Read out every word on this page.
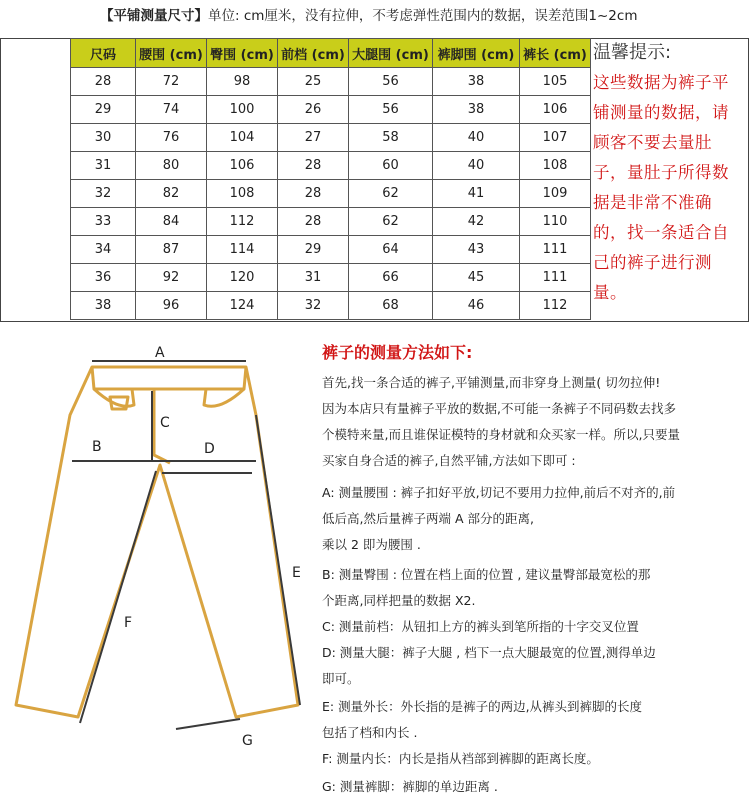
【平铺测量尺寸】单位: cm厘米，没有拉伸，不考虑弹性范围内的数据，误差范围1~2cm
尺码	腰围 (cm)	臀围 (cm)	前档 (cm)	大腿围 (cm)	裤脚围 (cm)	裤长 (cm)
28	72	98	25	56	38	105
29	74	100	26	56	38	106
30	76	104	27	58	40	107
31	80	106	28	60	40	108
32	82	108	28	62	41	109
33	84	112	28	62	42	110
34	87	114	29	64	43	111
36	92	120	31	66	45	111
38	96	124	32	68	46	112
温馨提示:
这些数据为裤子平
铺测量的数据，请
顾客不要去量肚
子，量肚子所得数
据是非常不准确
的，找一条适合自
己的裤子进行测
量。
A
B
C
D
E
F
G
裤子的测量方法如下:
首先,找一条合适的裤子,平铺测量,而非穿身上测量( 切勿拉伸!
因为本店只有量裤子平放的数据,不可能一条裤子不同码数去找多
个模特来量,而且谁保证模特的身材就和众买家一样。所以,只要量
买家自身合适的裤子,自然平铺,方法如下即可 :
A: 测量腰围 : 裤子扣好平放,切记不要用力拉伸,前后不对齐的,前
低后高,然后量裤子两端 A 部分的距离,
乘以 2 即为腰围 .
B: 测量臀围 : 位置在档上面的位置 , 建议量臀部最宽松的那
个距离,同样把量的数据 X2.
C: 测量前档：从钮扣上方的裤头到笔所指的十字交叉位置
D: 测量大腿：裤子大腿 , 档下一点大腿最宽的位置,测得单边
即可。
E: 测量外长：外长指的是裤子的两边,从裤头到裤脚的长度
包括了档和内长 .
F: 测量内长：内长是指从裆部到裤脚的距离长度。
G: 测量裤脚：裤脚的单边距离 .
